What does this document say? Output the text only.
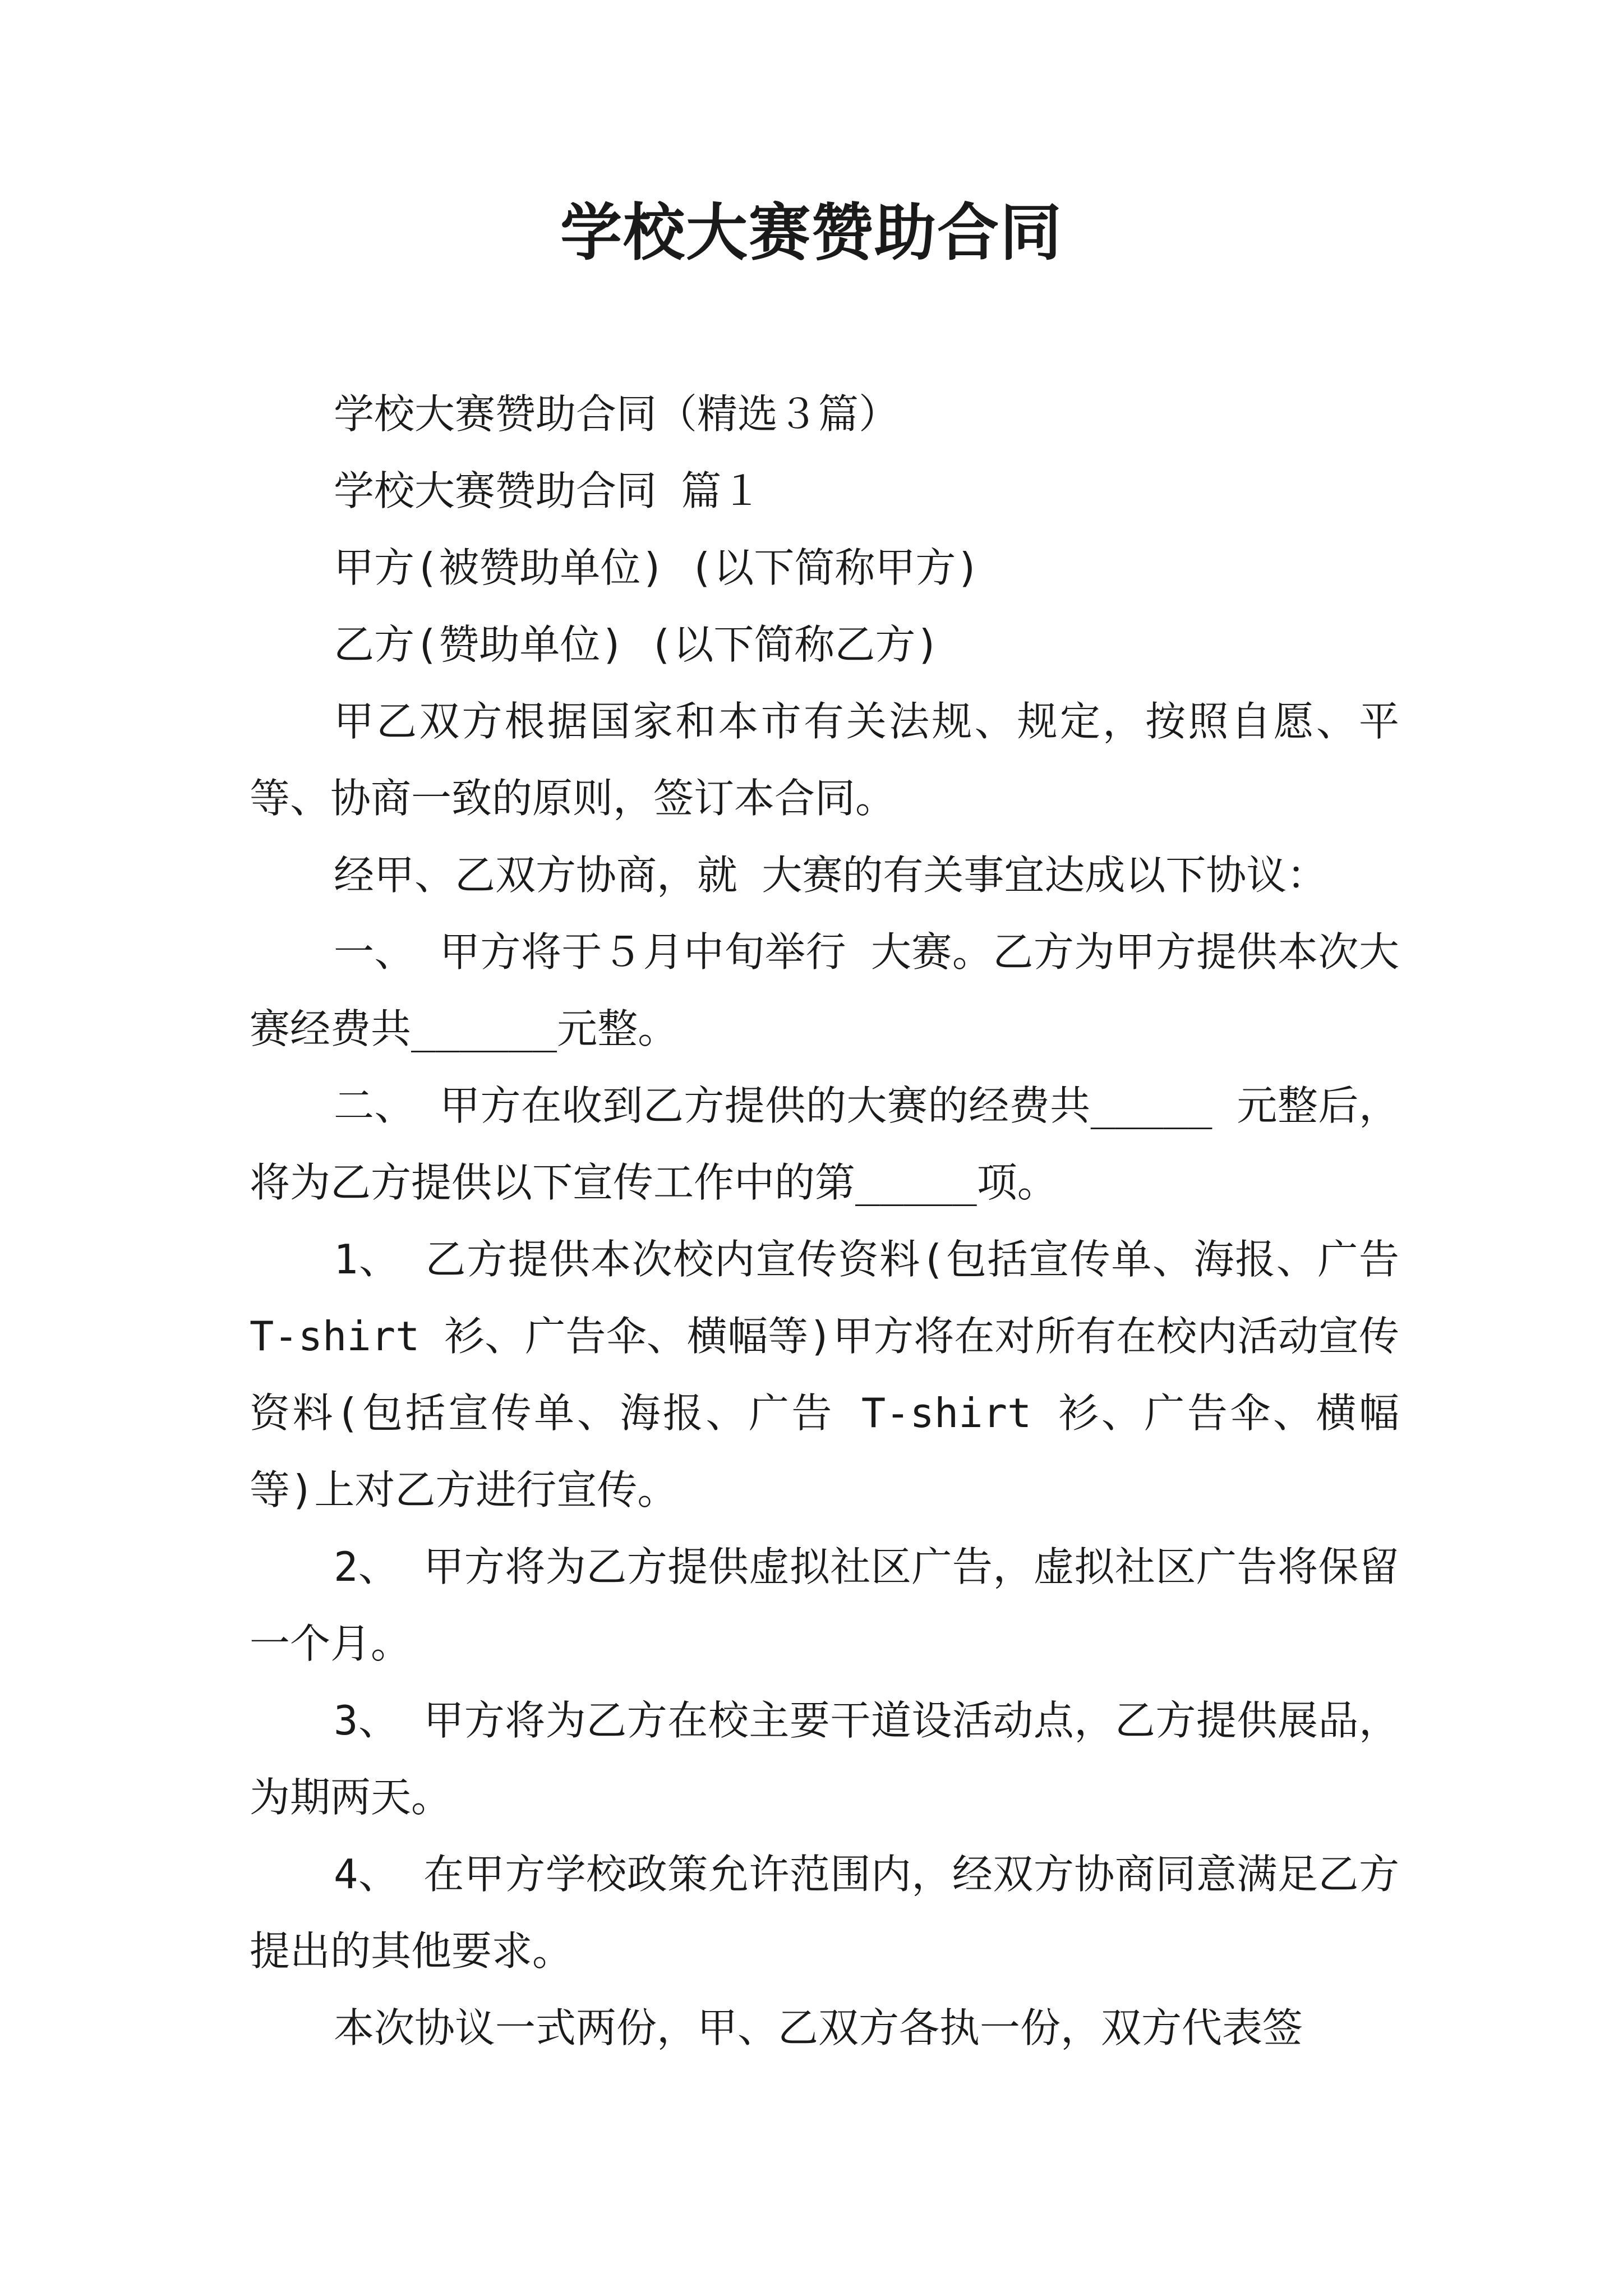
学校大赛赞助合同

学校大赛赞助合同（精选３篇）

学校大赛赞助合同 篇１

甲方(被赞助单位) (以下简称甲方)

乙方(赞助单位) (以下简称乙方)

甲乙双方根据国家和本市有关法规、规定，按照自愿、平等、协商一致的原则，签订本合同。

经甲、乙双方协商，就 大赛的有关事宜达成以下协议：

一、 甲方将于５月中旬举行 大赛。乙方为甲方提供本次大赛经费共______元整。

二、 甲方在收到乙方提供的大赛的经费共_____ 元整后，将为乙方提供以下宣传工作中的第_____项。

1、 乙方提供本次校内宣传资料(包括宣传单、海报、广告 T-shirt 衫、广告伞、横幅等)甲方将在对所有在校内活动宣传资料(包括宣传单、海报、广告 T-shirt 衫、广告伞、横幅等)上对乙方进行宣传。

2、 甲方将为乙方提供虚拟社区广告，虚拟社区广告将保留一个月。

3、 甲方将为乙方在校主要干道设活动点，乙方提供展品，为期两天。

4、 在甲方学校政策允许范围内，经双方协商同意满足乙方提出的其他要求。

本次协议一式两份，甲、乙双方各执一份，双方代表签
